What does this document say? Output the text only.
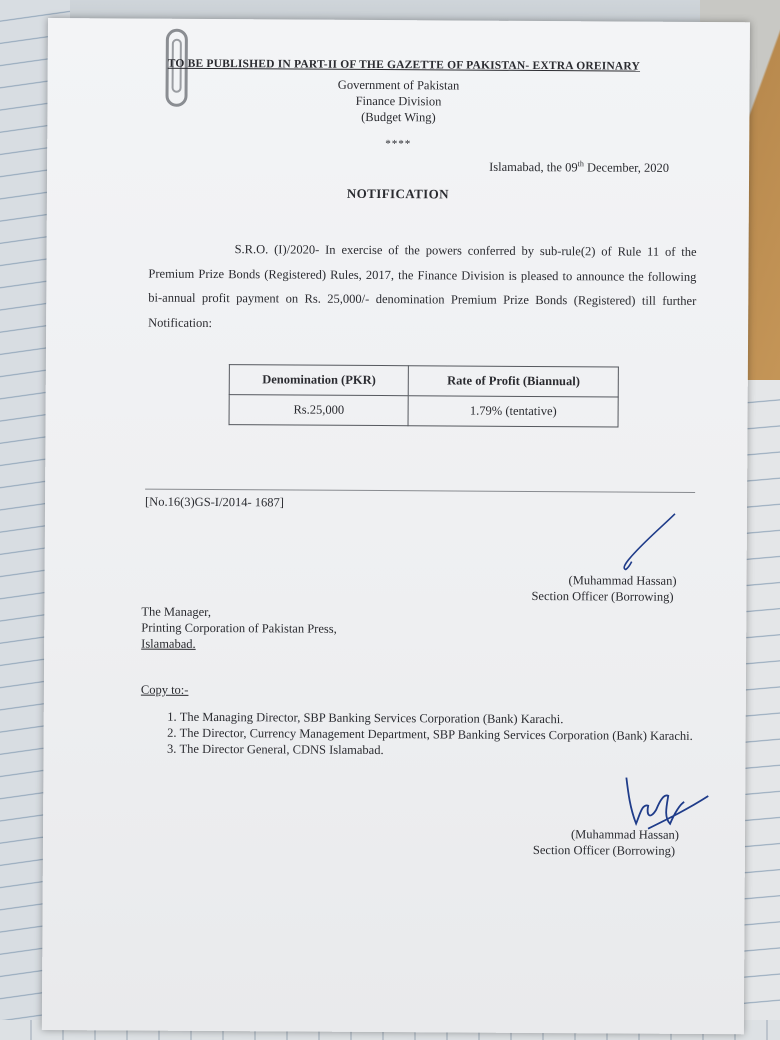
TO BE PUBLISHED IN PART-II OF THE GAZETTE OF PAKISTAN- EXTRA OREINARY
Government of Pakistan
Finance Division
(Budget Wing)
****
Islamabad, the 09th December, 2020
NOTIFICATION
S.R.O. (I)/2020- In exercise of the powers conferred by sub-rule(2) of Rule 11 of the Premium Prize Bonds (Registered) Rules, 2017, the Finance Division is pleased to announce the following bi-annual profit payment on Rs. 25,000/- denomination Premium Prize Bonds (Registered) till further Notification:
Denomination (PKR)	Rate of Profit (Biannual)
Rs.25,000	1.79% (tentative)
[No.16(3)GS-I/2014- 1687]
(Muhammad Hassan)
Section Officer (Borrowing)
The Manager,
Printing Corporation of Pakistan Press,
Islamabad.
Copy to:-
1. The Managing Director, SBP Banking Services Corporation (Bank) Karachi.
2. The Director, Currency Management Department, SBP Banking Services Corporation (Bank) Karachi.
3. The Director General, CDNS Islamabad.
(Muhammad Hassan)
Section Officer (Borrowing)
